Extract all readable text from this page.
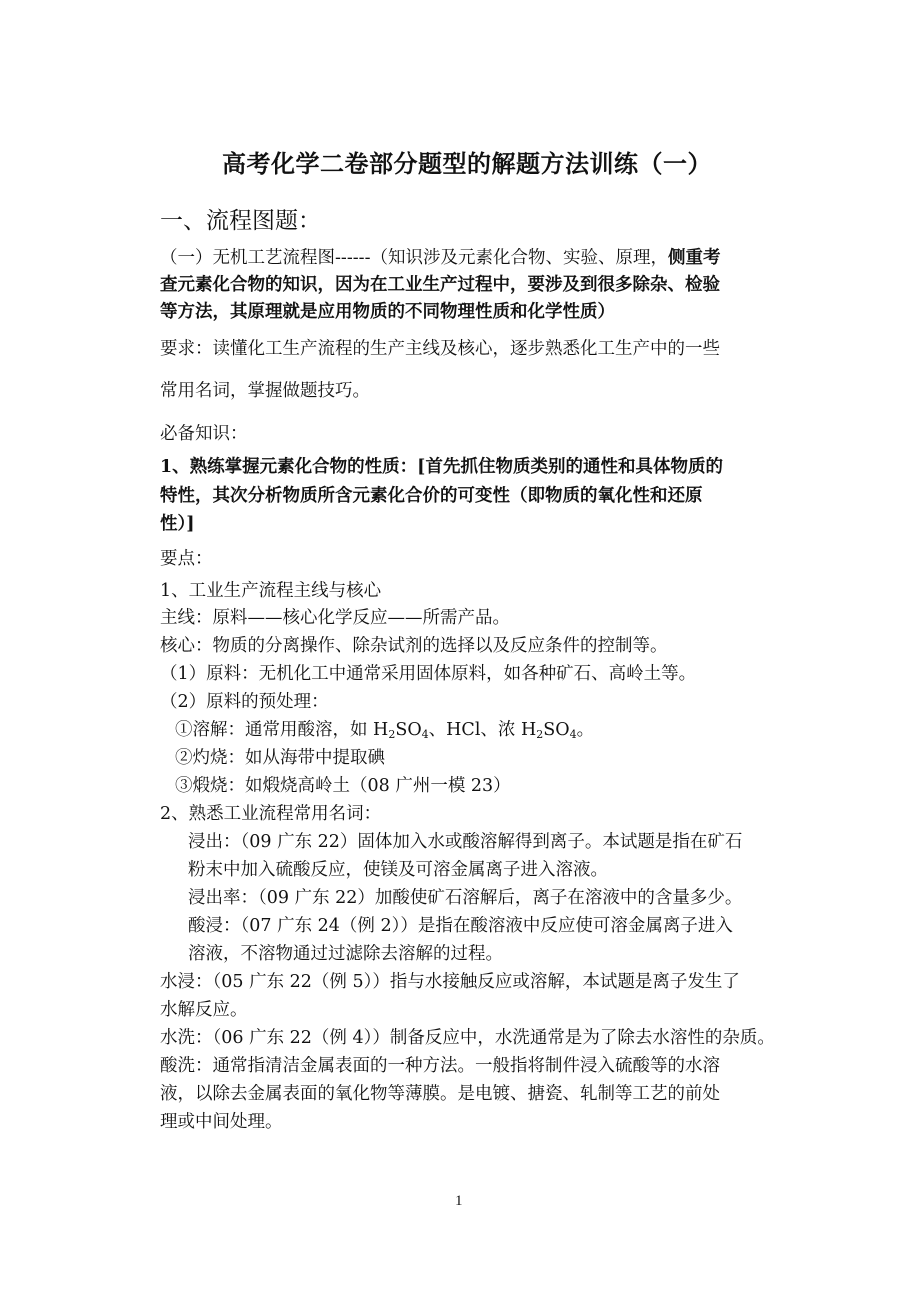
高考化学二卷部分题型的解题方法训练（一）
一、流程图题：
（一）无机工艺流程图------（知识涉及元素化合物、实验、原理，侧重考
查元素化合物的知识，因为在工业生产过程中，要涉及到很多除杂、检验
等方法，其原理就是应用物质的不同物理性质和化学性质）
要求：读懂化工生产流程的生产主线及核心，逐步熟悉化工生产中的一些
常用名词，掌握做题技巧。
必备知识：
1、熟练掌握元素化合物的性质：[首先抓住物质类别的通性和具体物质的
特性，其次分析物质所含元素化合价的可变性（即物质的氧化性和还原
性）]
要点：
1、工业生产流程主线与核心
主线：原料——核心化学反应——所需产品。
核心：物质的分离操作、除杂试剂的选择以及反应条件的控制等。
（1）原料：无机化工中通常采用固体原料，如各种矿石、高岭土等。
（2）原料的预处理：
①溶解：通常用酸溶，如 $H_2SO_4$、HCl、浓 $H_2SO_4$。
②灼烧：如从海带中提取碘
③煅烧：如煅烧高岭土（08 广州一模 23）
2、熟悉工业流程常用名词：
浸出：（09 广东 22）固体加入水或酸溶解得到离子。本试题是指在矿石
粉末中加入硫酸反应，使镁及可溶金属离子进入溶液。
浸出率：（09 广东 22）加酸使矿石溶解后，离子在溶液中的含量多少。
酸浸：（07 广东 24（例 2））是指在酸溶液中反应使可溶金属离子进入
溶液，不溶物通过过滤除去溶解的过程。
水浸：（05 广东 22（例 5））指与水接触反应或溶解，本试题是离子发生了
水解反应。
水洗：（06 广东 22（例 4））制备反应中，水洗通常是为了除去水溶性的杂质。
酸洗：通常指清洁金属表面的一种方法。一般指将制件浸入硫酸等的水溶
液，以除去金属表面的氧化物等薄膜。是电镀、搪瓷、轧制等工艺的前处
理或中间处理。
1
